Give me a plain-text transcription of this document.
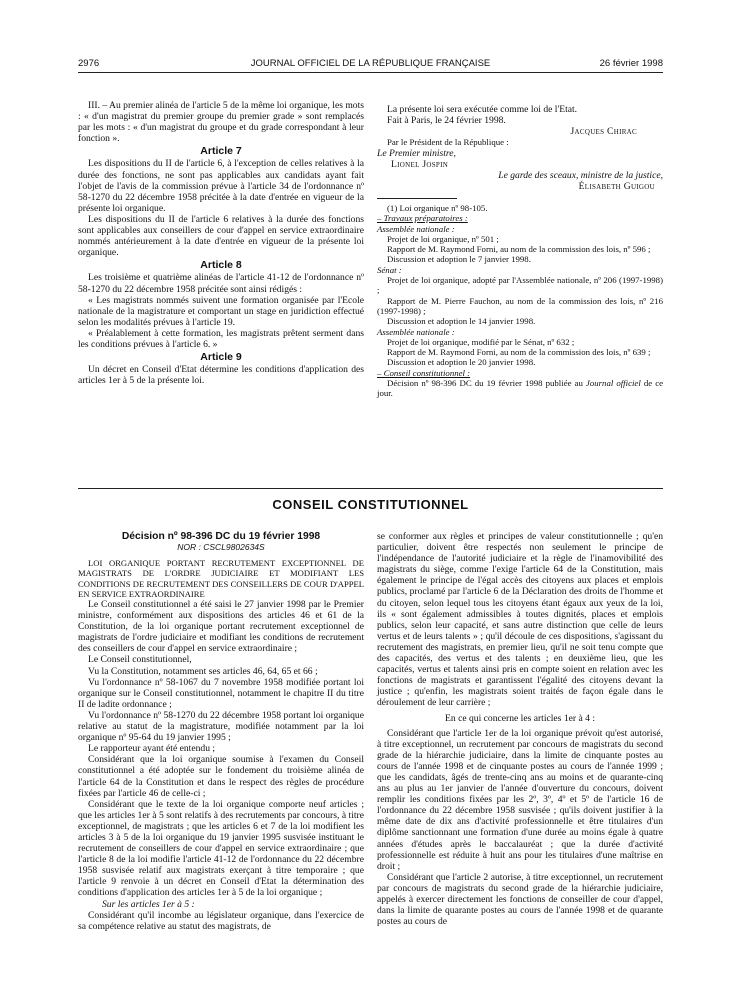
2976	JOURNAL OFFICIEL DE LA RÉPUBLIQUE FRANÇAISE	26 février 1998

III. – Au premier alinéa de l'article 5 de la même loi organique, les mots : « d'un magistrat du premier groupe du premier grade » sont remplacés par les mots : « d'un magistrat du groupe et du grade correspondant à leur fonction ».

Article 7

Les dispositions du II de l'article 6, à l'exception de celles relatives à la durée des fonctions, ne sont pas applicables aux candidats ayant fait l'objet de l'avis de la commission prévue à l'article 34 de l'ordonnance nº 58-1270 du 22 décembre 1958 précitée à la date d'entrée en vigueur de la présente loi organique.

Les dispositions du II de l'article 6 relatives à la durée des fonctions sont applicables aux conseillers de cour d'appel en service extraordinaire nommés antérieurement à la date d'entrée en vigueur de la présente loi organique.

Article 8

Les troisième et quatrième alinéas de l'article 41-12 de l'ordonnance nº 58-1270 du 22 décembre 1958 précitée sont ainsi rédigés :

« Les magistrats nommés suivent une formation organisée par l'Ecole nationale de la magistrature et comportant un stage en juridiction effectué selon les modalités prévues à l'article 19.

« Préalablement à cette formation, les magistrats prêtent serment dans les conditions prévues à l'article 6. »

Article 9

Un décret en Conseil d'Etat détermine les conditions d'application des articles 1er à 5 de la présente loi.

La présente loi sera exécutée comme loi de l'Etat.

Fait à Paris, le 24 février 1998.

Jacques Chirac

Par le Président de la République :

Le Premier ministre,

Lionel Jospin

Le garde des sceaux, ministre de la justice,
Élisabeth Guigou

(1) Loi organique nº 98-105.

– Travaux préparatoires :

Assemblée nationale :

Projet de loi organique, nº 501 ;

Rapport de M. Raymond Forni, au nom de la commission des lois, nº 596 ;

Discussion et adoption le 7 janvier 1998.

Sénat :

Projet de loi organique, adopté par l'Assemblée nationale, nº 206 (1997-1998) ;

Rapport de M. Pierre Fauchon, au nom de la commission des lois, nº 216 (1997-1998) ;

Discussion et adoption le 14 janvier 1998.

Assemblée nationale :

Projet de loi organique, modifié par le Sénat, nº 632 ;

Rapport de M. Raymond Forni, au nom de la commission des lois, nº 639 ;

Discussion et adoption le 20 janvier 1998.

– Conseil constitutionnel :

Décision nº 98-396 DC du 19 février 1998 publiée au Journal officiel de ce jour.

CONSEIL CONSTITUTIONNEL
Décision nº 98-396 DC du 19 février 1998
NOR : CSCL9802634S

LOI ORGANIQUE PORTANT RECRUTEMENT EXCEPTIONNEL DE MAGISTRATS DE L'ORDRE JUDICIAIRE ET MODIFIANT LES CONDITIONS DE RECRUTEMENT DES CONSEILLERS DE COUR D'APPEL EN SERVICE EXTRAORDINAIRE

Le Conseil constitutionnel a été saisi le 27 janvier 1998 par le Premier ministre, conformément aux dispositions des articles 46 et 61 de la Constitution, de la loi organique portant recrutement exceptionnel de magistrats de l'ordre judiciaire et modifiant les conditions de recrutement des conseillers de cour d'appel en service extraordinaire ;

Le Conseil constitutionnel,

Vu la Constitution, notamment ses articles 46, 64, 65 et 66 ;

Vu l'ordonnance nº 58-1067 du 7 novembre 1958 modifiée portant loi organique sur le Conseil constitutionnel, notamment le chapitre II du titre II de ladite ordonnance ;

Vu l'ordonnance nº 58-1270 du 22 décembre 1958 portant loi organique relative au statut de la magistrature, modifiée notamment par la loi organique nº 95-64 du 19 janvier 1995 ;

Le rapporteur ayant été entendu ;

Considérant que la loi organique soumise à l'examen du Conseil constitutionnel a été adoptée sur le fondement du troisième alinéa de l'article 64 de la Constitution et dans le respect des règles de procédure fixées par l'article 46 de celle-ci ;

Considérant que le texte de la loi organique comporte neuf articles ; que les articles 1er à 5 sont relatifs à des recrutements par concours, à titre exceptionnel, de magistrats ; que les articles 6 et 7 de la loi modifient les articles 3 à 5 de la loi organique du 19 janvier 1995 susvisée instituant le recrutement de conseillers de cour d'appel en service extraordinaire ; que l'article 8 de la loi modifie l'article 41-12 de l'ordonnance du 22 décembre 1958 susvisée relatif aux magistrats exerçant à titre temporaire ; que l'article 9 renvoie à un décret en Conseil d'Etat la détermination des conditions d'application des articles 1er à 5 de la loi organique ;

Sur les articles 1er à 5 :

Considérant qu'il incombe au législateur organique, dans l'exercice de sa compétence relative au statut des magistrats, de

se conformer aux règles et principes de valeur constitutionnelle ; qu'en particulier, doivent être respectés non seulement le principe de l'indépendance de l'autorité judiciaire et la règle de l'inamovibilité des magistrats du siège, comme l'exige l'article 64 de la Constitution, mais également le principe de l'égal accès des citoyens aux places et emplois publics, proclamé par l'article 6 de la Déclaration des droits de l'homme et du citoyen, selon lequel tous les citoyens étant égaux aux yeux de la loi, ils « sont également admissibles à toutes dignités, places et emplois publics, selon leur capacité, et sans autre distinction que celle de leurs vertus et de leurs talents » ; qu'il découle de ces dispositions, s'agissant du recrutement des magistrats, en premier lieu, qu'il ne soit tenu compte que des capacités, des vertus et des talents ; en deuxième lieu, que les capacités, vertus et talents ainsi pris en compte soient en relation avec les fonctions de magistrats et garantissent l'égalité des citoyens devant la justice ; qu'enfin, les magistrats soient traités de façon égale dans le déroulement de leur carrière ;

En ce qui concerne les articles 1er à 4 :

Considérant que l'article 1er de la loi organique prévoit qu'est autorisé, à titre exceptionnel, un recrutement par concours de magistrats du second grade de la hiérarchie judiciaire, dans la limite de cinquante postes au cours de l'année 1998 et de cinquante postes au cours de l'année 1999 ; que les candidats, âgés de trente-cinq ans au moins et de quarante-cinq ans au plus au 1er janvier de l'année d'ouverture du concours, doivent remplir les conditions fixées par les 2º, 3º, 4º et 5º de l'article 16 de l'ordonnance du 22 décembre 1958 susvisée ; qu'ils doivent justifier à la même date de dix ans d'activité professionnelle et être titulaires d'un diplôme sanctionnant une formation d'une durée au moins égale à quatre années d'études après le baccalauréat ; que la durée d'activité professionnelle est réduite à huit ans pour les titulaires d'une maîtrise en droit ;

Considérant que l'article 2 autorise, à titre exceptionnel, un recrutement par concours de magistrats du second grade de la hiérarchie judiciaire, appelés à exercer directement les fonctions de conseiller de cour d'appel, dans la limite de quarante postes au cours de l'année 1998 et de quarante postes au cours de
